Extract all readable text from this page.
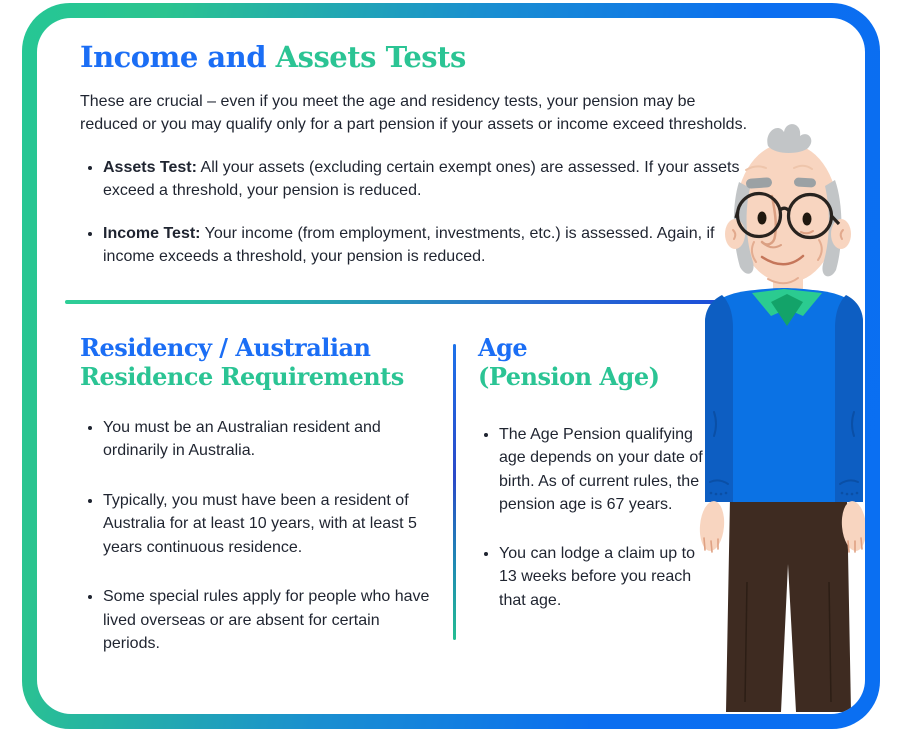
Income and Assets Tests

These are crucial – even if you meet the age and residency tests, your pension may be reduced or you may qualify only for a part pension if your assets or income exceed thresholds.

• Assets Test: All your assets (excluding certain exempt ones) are assessed. If your assets exceed a threshold, your pension is reduced.
• Income Test: Your income (from employment, investments, etc.) is assessed. Again, if income exceeds a threshold, your pension is reduced.
Residency / Australian
Residence Requirements
• You must be an Australian resident and ordinarily in Australia.
• Typically, you must have been a resident of Australia for at least 10 years, with at least 5 years continuous residence.
• Some special rules apply for people who have lived overseas or are absent for certain periods.
Age
(Pension Age)
• The Age Pension qualifying age depends on your date of birth. As of current rules, the pension age is 67 years.
• You can lodge a claim up to 13 weeks before you reach that age.
